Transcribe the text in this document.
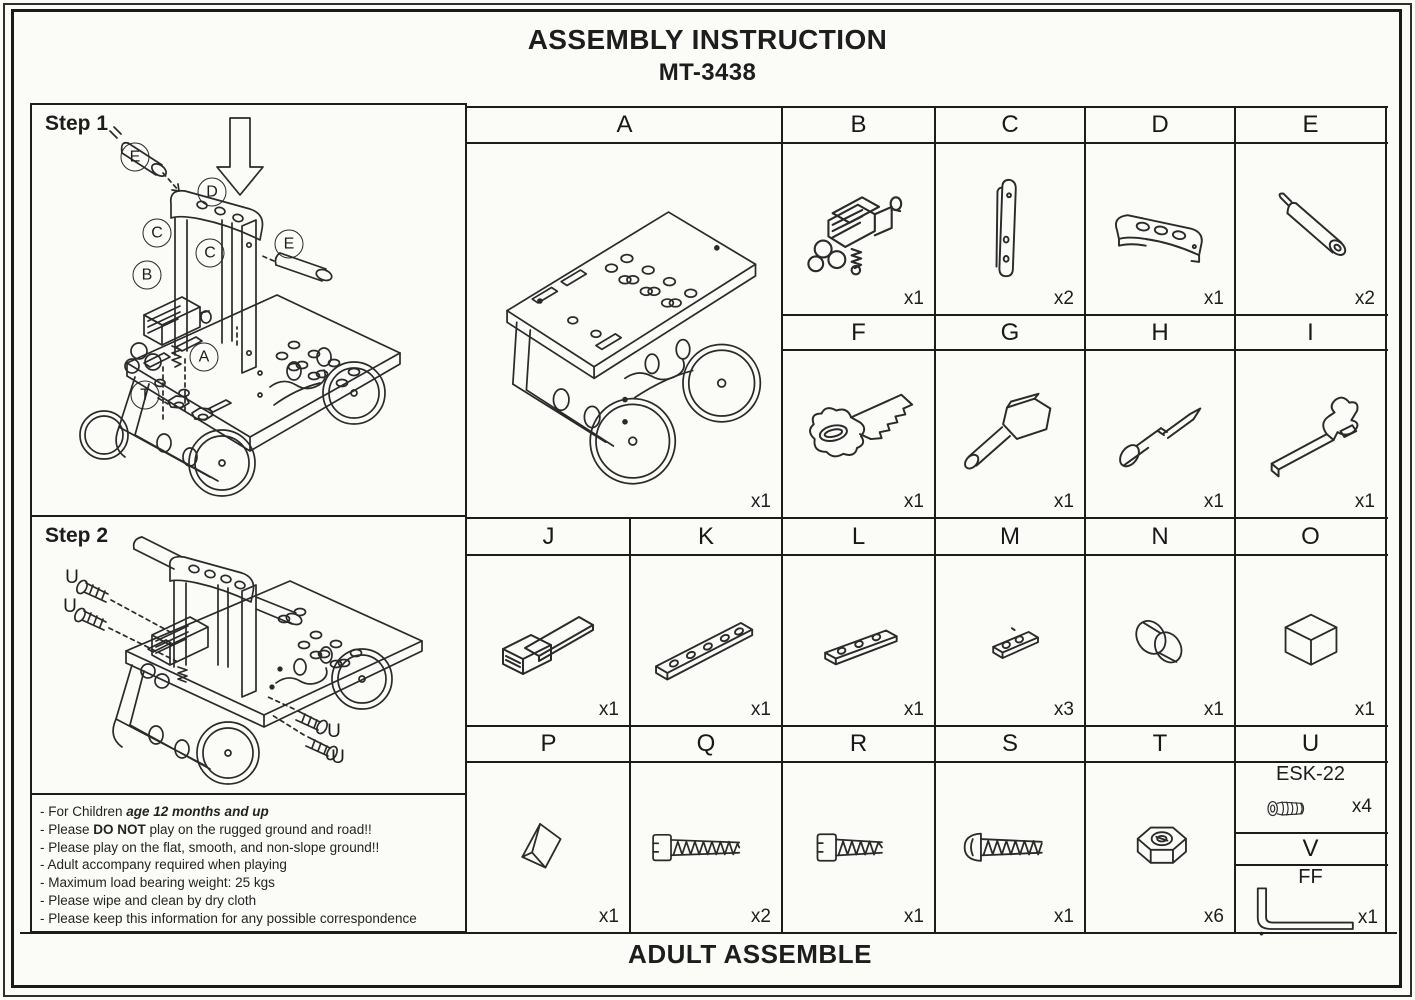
ASSEMBLY INSTRUCTION
MT-3438
Step 1
E
D
C
C
B
E
A
T
Step 2
U
U
U
U
- For Children age 12 months and up
- Please DO NOT play on the rugged ground and road!!
- Please play on the flat, smooth, and non-slope ground!!
- Adult accompany required when playing
- Maximum load bearing weight: 25 kgs
- Please wipe and clean by dry cloth
- Please keep this information for any possible correspondence
A
x1
B
x1
C
x2
D
x1
E
x2
F
x1
G
x1
H
x1
I
x1
J
x1
K
x1
L
x1
M
x3
N
x1
O
x1
P
x1
Q
x2
R
x1
S
x1
T
x6
U
ESK-22
x4
V
FF
x1
ADULT ASSEMBLE
